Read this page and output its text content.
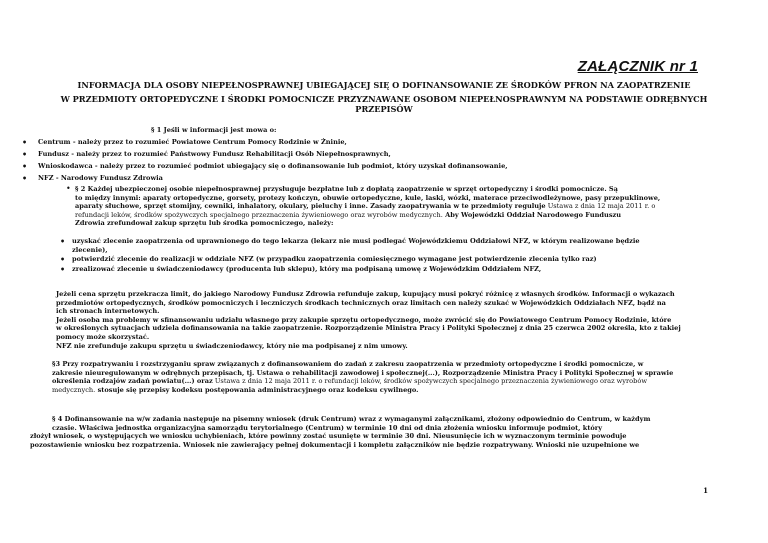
ZAŁĄCZNIK nr 1
INFORMACJA DLA OSOBY NIEPEŁNOSPRAWNEJ UBIEGAJĄCEJ SIĘ O DOFINANSOWANIE ZE ŚRODKÓW PFRON NA ZAOPATRZENIE
W PRZEDMIOTY ORTOPEDYCZNE I ŚRODKI POMOCNICZE PRZYZNAWANE OSOBOM NIEPEŁNOSPRAWNYM NA PODSTAWIE ODRĘBNYCH
PRZEPISÓW
§ 1 Jeśli w informacji jest mowa o:
• Centrum - należy przez to rozumieć Powiatowe Centrum Pomocy Rodzinie w Żninie,
• Fundusz - należy przez to rozumieć Państwowy Fundusz Rehabilitacji Osób Niepełnosprawnych,
• Wnioskodawca - należy przez to rozumieć podmiot ubiegający się o dofinansowanie lub podmiot, który uzyskał dofinansowanie,
• NFZ - Narodowy Fundusz Zdrowia
• § 2 Każdej ubezpieczonej osobie niepełnosprawnej przysługuje bezpłatne lub z dopłatą zaopatrzenie w sprzęt ortopedyczny i środki pomocnicze. Są
to między innymi: aparaty ortopedyczne, gorsety, protezy kończyn, obuwie ortopedyczne, kule, laski, wózki, materace przeciwodleżynowe, pasy przepuklinowe,
aparaty słuchowe, sprzęt stomijny, cewniki, inhalatory, okulary, pieluchy i inne. Zasady zaopatrywania w te przedmioty reguluje Ustawa z dnia 12 maja 2011 r. o
refundacji leków, środków spożywczych specjalnego przeznaczenia żywieniowego oraz wyrobów medycznych. Aby Wojewódzki Oddział Narodowego Funduszu
Zdrowia zrefundował zakup sprzętu lub środka pomocniczego, należy:
• uzyskać zlecenie zaopatrzenia od uprawnionego do tego lekarza (lekarz nie musi podlegać Wojewódzkiemu Oddziałowi NFZ, w którym realizowane będzie
zlecenie),
• potwierdzić zlecenie do realizacji w oddziale NFZ (w przypadku zaopatrzenia comiesięcznego wymagane jest potwierdzenie zlecenia tylko raz)
• zrealizować zlecenie u świadczeniodawcy (producenta lub sklepu), który ma podpisaną umowę z Wojewódzkim Oddziałem NFZ,
Jeżeli cena sprzętu przekracza limit, do jakiego Narodowy Fundusz Zdrowia refunduje zakup, kupujący musi pokryć różnicę z własnych środków. Informacji o wykazach
przedmiotów ortopedycznych, środków pomocniczych i leczniczych środkach technicznych oraz limitach cen należy szukać w Wojewódzkich Oddziałach NFZ, bądź na
ich stronach internetowych.
Jeżeli osoba ma problemy w sfinansowaniu udziału własnego przy zakupie sprzętu ortopedycznego, może zwrócić się do Powiatowego Centrum Pomocy Rodzinie, które
w określonych sytuacjach udziela dofinansowania na takie zaopatrzenie. Rozporządzenie Ministra Pracy i Polityki Społecznej z dnia 25 czerwca 2002 określa, kto z takiej
pomocy może skorzystać.
NFZ nie zrefunduje zakupu sprzętu u świadczeniodawcy, który nie ma podpisanej z nim umowy.
§3 Przy rozpatrywaniu i rozstrzyganiu spraw związanych z dofinansowaniem do zadań z zakresu zaopatrzenia w przedmioty ortopedyczne i środki pomocnicze, w
zakresie nieuregulowanym w odrębnych przepisach, tj. Ustawa o rehabilitacji zawodowej i społecznej(...), Rozporządzenie Ministra Pracy i Polityki Społecznej w sprawie
określenia rodzajów zadań powiatu(...) oraz Ustawa z dnia 12 maja 2011 r. o refundacji leków, środków spożywczych specjalnego przeznaczenia żywieniowego oraz wyrobów
medycznych. stosuje się przepisy kodeksu postępowania administracyjnego oraz kodeksu cywilnego.
§ 4 Dofinansowanie na w/w zadania następuje na pisemny wniosek (druk Centrum) wraz z wymaganymi załącznikami, złożony odpowiednio do Centrum, w każdym
czasie. Właściwa jednostka organizacyjna samorządu terytorialnego (Centrum) w terminie 10 dni od dnia złożenia wniosku informuje podmiot, który
złożył wniosek, o występujących we wniosku uchybieniach, które powinny zostać usunięte w terminie 30 dni. Nieusunięcie ich w wyznaczonym terminie powoduje
pozostawienie wniosku bez rozpatrzenia. Wniosek nie zawierający pełnej dokumentacji i kompletu załączników nie będzie rozpatrywany. Wnioski nie uzupełnione we
1
